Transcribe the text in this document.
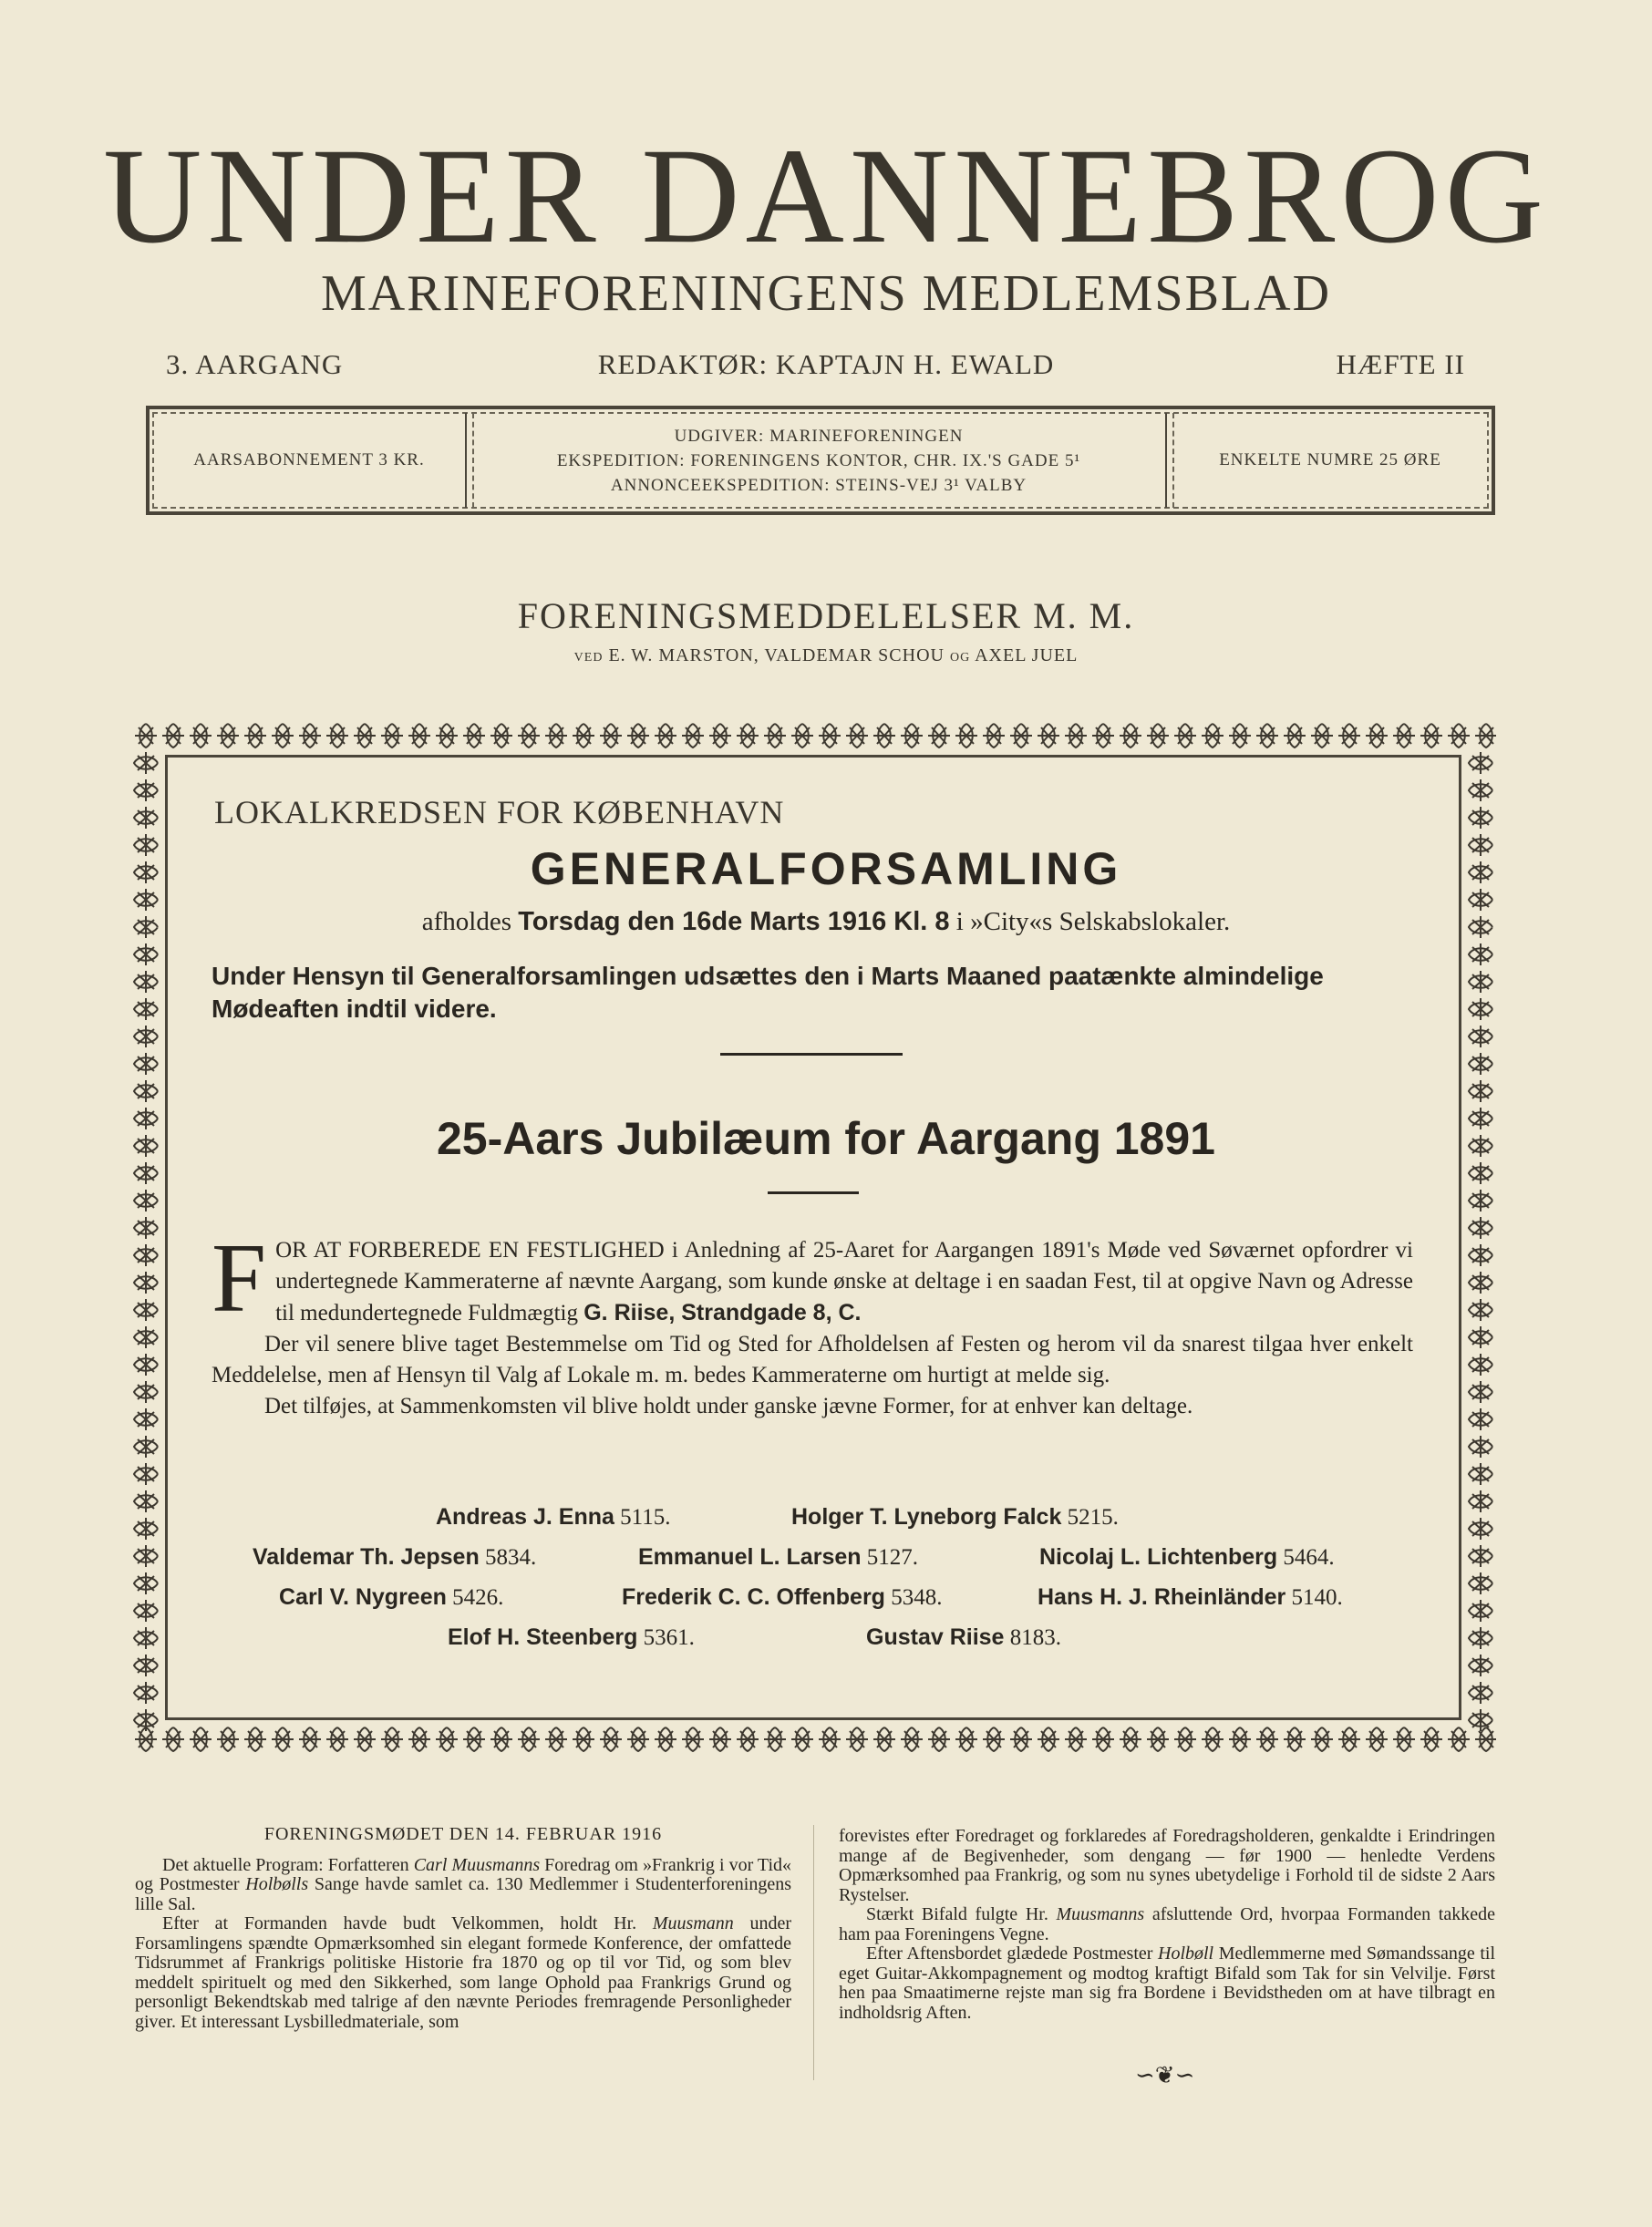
UNDER DANNEBROG
MARINEFORENINGENS MEDLEMSBLAD
3. AARGANG	REDAKTØR: KAPTAJN H. EWALD	HÆFTE II
AARSABONNEMENT 3 KR.
UDGIVER: MARINEFORENINGEN
EKSPEDITION: FORENINGENS KONTOR, CHR. IX.'S GADE 5¹
ANNONCEEKSPEDITION: STEINS-VEJ 3¹ VALBY
ENKELTE NUMRE 25 ØRE
FORENINGSMEDDELELSER M. M.
VED E. W. MARSTON, VALDEMAR SCHOU OG AXEL JUEL
LOKALKREDSEN FOR KØBENHAVN
GENERALFORSAMLING
afholdes Torsdag den 16de Marts 1916 Kl. 8 i »City«s Selskabslokaler.
Under Hensyn til Generalforsamlingen udsættes den i Marts Maaned paatænkte almindelige Mødeaften indtil videre.
25-Aars Jubilæum for Aargang 1891
F OR AT FORBEREDE EN FESTLIGHED i Anledning af 25-Aaret for Aargangen 1891's Møde ved Søværnet opfordrer vi undertegnede Kammeraterne af nævnte Aargang, som kunde ønske at deltage i en saadan Fest, til at opgive Navn og Adresse til medundertegnede Fuldmægtig G. Riise, Strandgade 8, C.

Der vil senere blive taget Bestemmelse om Tid og Sted for Afholdelsen af Festen og herom vil da snarest tilgaa hver enkelt Meddelelse, men af Hensyn til Valg af Lokale m. m. bedes Kammeraterne om hurtigt at melde sig.

Det tilføjes, at Sammenkomsten vil blive holdt under ganske jævne Former, for at enhver kan deltage.

Andreas J. Enna 5115.	Holger T. Lyneborg Falck 5215.
Valdemar Th. Jepsen 5834.	Emmanuel L. Larsen 5127.	Nicolaj L. Lichtenberg 5464.
Carl V. Nygreen 5426.	Frederik C. C. Offenberg 5348.	Hans H. J. Rheinländer 5140.
Elof H. Steenberg 5361.	Gustav Riise 8183.
FORENINGSMØDET DEN 14. FEBRUAR 1916

Det aktuelle Program: Forfatteren Carl Muusmanns Foredrag om »Frankrig i vor Tid« og Postmester Holbølls Sange havde samlet ca. 130 Medlemmer i Studenterforeningens lille Sal.

Efter at Formanden havde budt Velkommen, holdt Hr. Muusmann under Forsamlingens spændte Opmærksomhed sin elegant formede Konference, der omfattede Tidsrummet af Frankrigs politiske Historie fra 1870 og op til vor Tid, og som blev meddelt spirituelt og med den Sikkerhed, som lange Ophold paa Frankrigs Grund og personligt Bekendtskab med talrige af den nævnte Periodes fremragende Personligheder giver. Et interessant Lysbilledmateriale, som

forevistes efter Foredraget og forklaredes af Foredragsholderen, genkaldte i Erindringen mange af de Begivenheder, som dengang — før 1900 — henledte Verdens Opmærksomhed paa Frankrig, og som nu synes ubetydelige i Forhold til de sidste 2 Aars Rystelser.

Stærkt Bifald fulgte Hr. Muusmanns afsluttende Ord, hvorpaa Formanden takkede ham paa Foreningens Vegne.

Efter Aftensbordet glædede Postmester Holbøll Medlemmerne med Sømandssange til eget Guitar-Akkompagnement og modtog kraftigt Bifald som Tak for sin Velvilje. Først hen paa Smaatimerne rejste man sig fra Bordene i Bevidstheden om at have tilbragt en indholdsrig Aften.

∽❦∽
